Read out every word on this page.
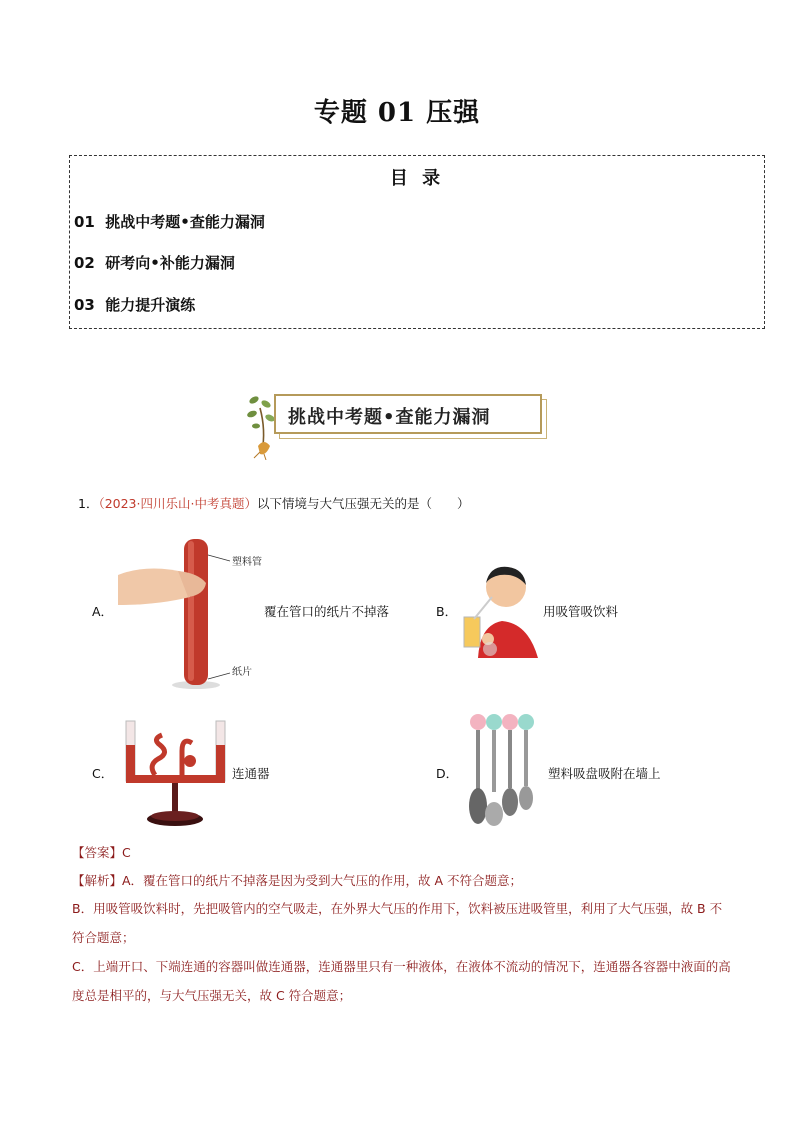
专题 01 压强
目 录
01 挑战中考题•查能力漏洞
02 研考向•补能力漏洞
03 能力提升演练
挑战中考题•查能力漏洞
1．（2023·四川乐山·中考真题）以下情境与大气压强无关的是（　　）
A．
塑料管
纸片
覆在管口的纸片不掉落	B．	用吸管吸饮料
C．	连通器	D．	塑料吸盘吸附在墙上
【答案】C
【解析】A．覆在管口的纸片不掉落是因为受到大气压的作用，故 A 不符合题意；
B．用吸管吸饮料时，先把吸管内的空气吸走，在外界大气压的作用下，饮料被压进吸管里，利用了大气压强，故 B 不符合题意；
C．上端开口、下端连通的容器叫做连通器，连通器里只有一种液体，在液体不流动的情况下，连通器各容器中液面的高度总是相平的，与大气压强无关，故 C 符合题意；
